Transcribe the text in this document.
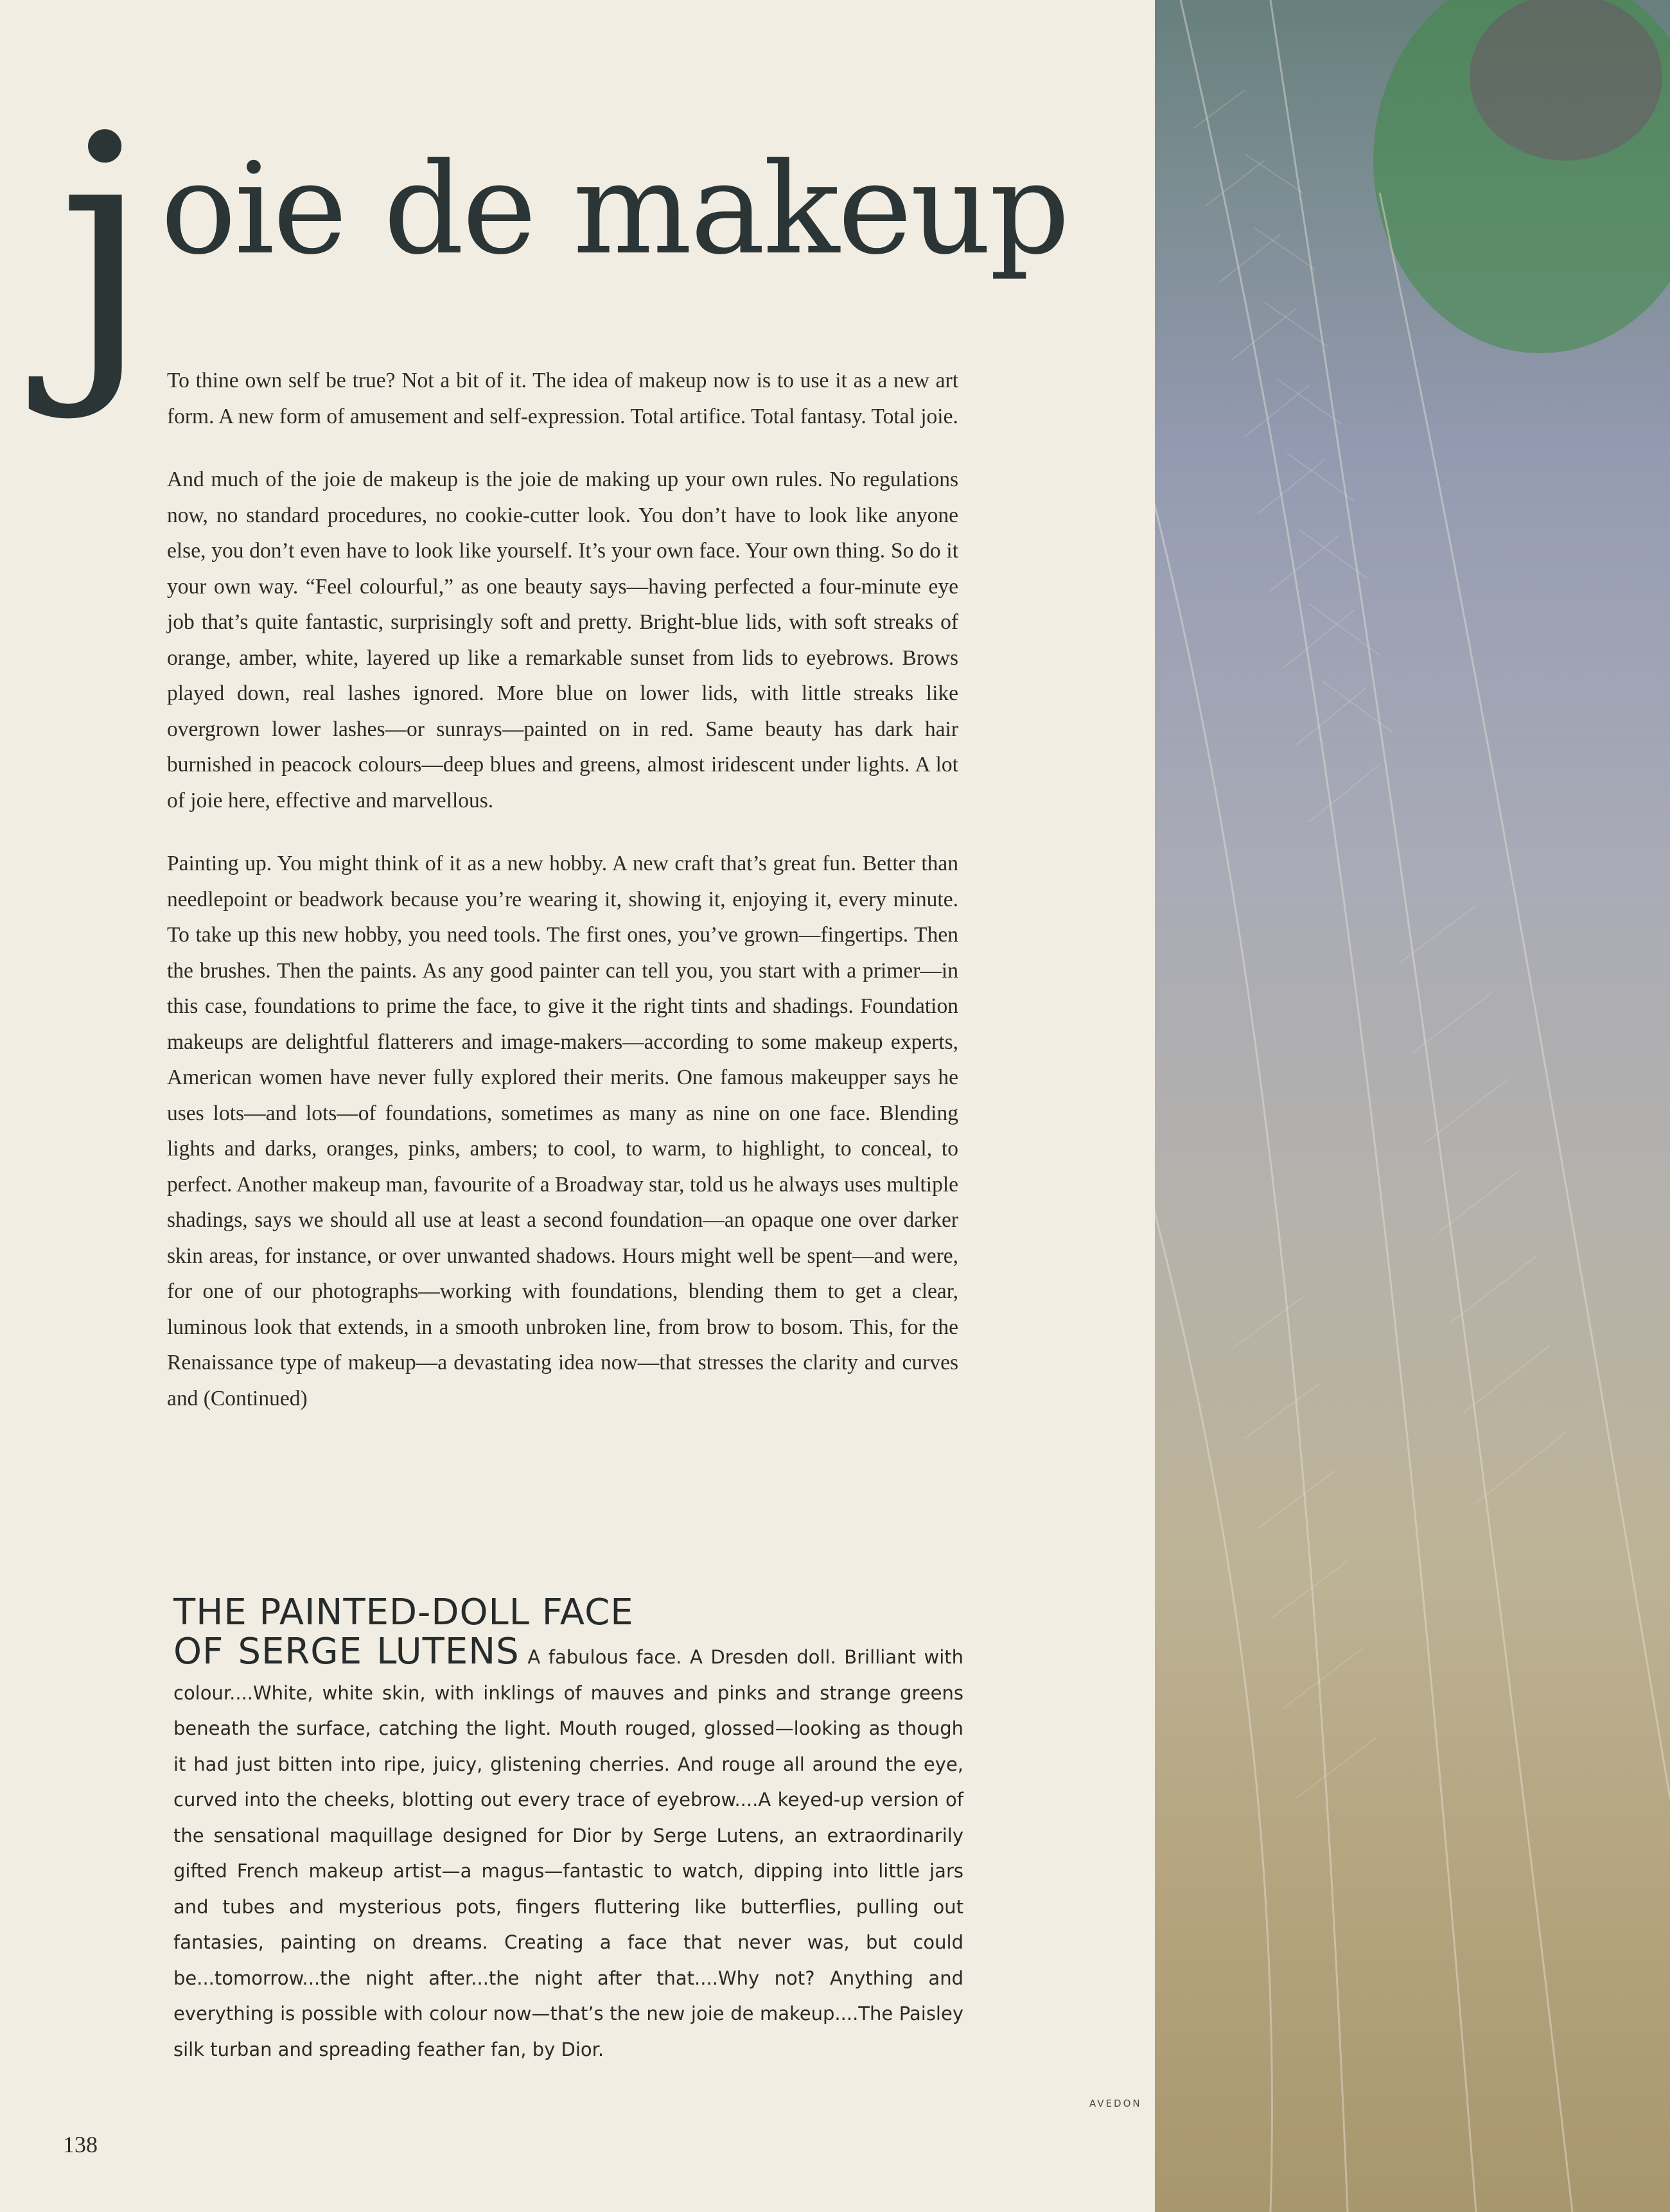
j oie de makeup

To thine own self be true? Not a bit of it. The idea of makeup now is to use it as a new art form. A new form of amusement and self-expression. Total artifice. Total fantasy. Total joie.

And much of the joie de makeup is the joie de making up your own rules. No regulations now, no standard procedures, no cookie-cutter look. You don’t have to look like anyone else, you don’t even have to look like yourself. It’s your own face. Your own thing. So do it your own way. “Feel colourful,” as one beauty says—having perfected a four-minute eye job that’s quite fantastic, surprisingly soft and pretty. Bright-blue lids, with soft streaks of orange, amber, white, layered up like a remarkable sunset from lids to eyebrows. Brows played down, real lashes ignored. More blue on lower lids, with little streaks like overgrown lower lashes—or sunrays—painted on in red. Same beauty has dark hair burnished in peacock colours—deep blues and greens, almost iridescent under lights. A lot of joie here, effective and marvellous.

Painting up. You might think of it as a new hobby. A new craft that’s great fun. Better than needlepoint or beadwork because you’re wearing it, showing it, enjoying it, every minute. To take up this new hobby, you need tools. The first ones, you’ve grown—fingertips. Then the brushes. Then the paints. As any good painter can tell you, you start with a primer—in this case, foundations to prime the face, to give it the right tints and shadings. Foundation makeups are delightful flatterers and image-makers—according to some makeup experts, American women have never fully explored their merits. One famous makeupper says he uses lots—and lots—of foundations, sometimes as many as nine on one face. Blending lights and darks, oranges, pinks, ambers; to cool, to warm, to highlight, to conceal, to perfect. Another makeup man, favourite of a Broadway star, told us he always uses multiple shadings, says we should all use at least a second foundation—an opaque one over darker skin areas, for instance, or over unwanted shadows. Hours might well be spent—and were, for one of our photographs—working with foundations, blending them to get a clear, luminous look that extends, in a smooth unbroken line, from brow to bosom. This, for the Renaissance type of makeup—a devastating idea now—that stresses the clarity and curves and (Continued)

THE PAINTED-DOLL FACE
OF SERGE LUTENS A fabulous face. A Dresden doll. Brilliant with colour....White, white skin, with inklings of mauves and pinks and strange greens beneath the surface, catching the light. Mouth rouged, glossed—looking as though it had just bitten into ripe, juicy, glistening cherries. And rouge all around the eye, curved into the cheeks, blotting out every trace of eyebrow....A keyed-up version of the sensational maquillage designed for Dior by Serge Lutens, an extraordinarily gifted French makeup artist—a magus—fantastic to watch, dipping into little jars and tubes and mysterious pots, fingers fluttering like butterflies, pulling out fantasies, painting on dreams. Creating a face that never was, but could be...tomorrow...the night after...the night after that....Why not? Anything and everything is possible with colour now—that’s the new joie de makeup....The Paisley silk turban and spreading feather fan, by Dior.
138
AVEDON
